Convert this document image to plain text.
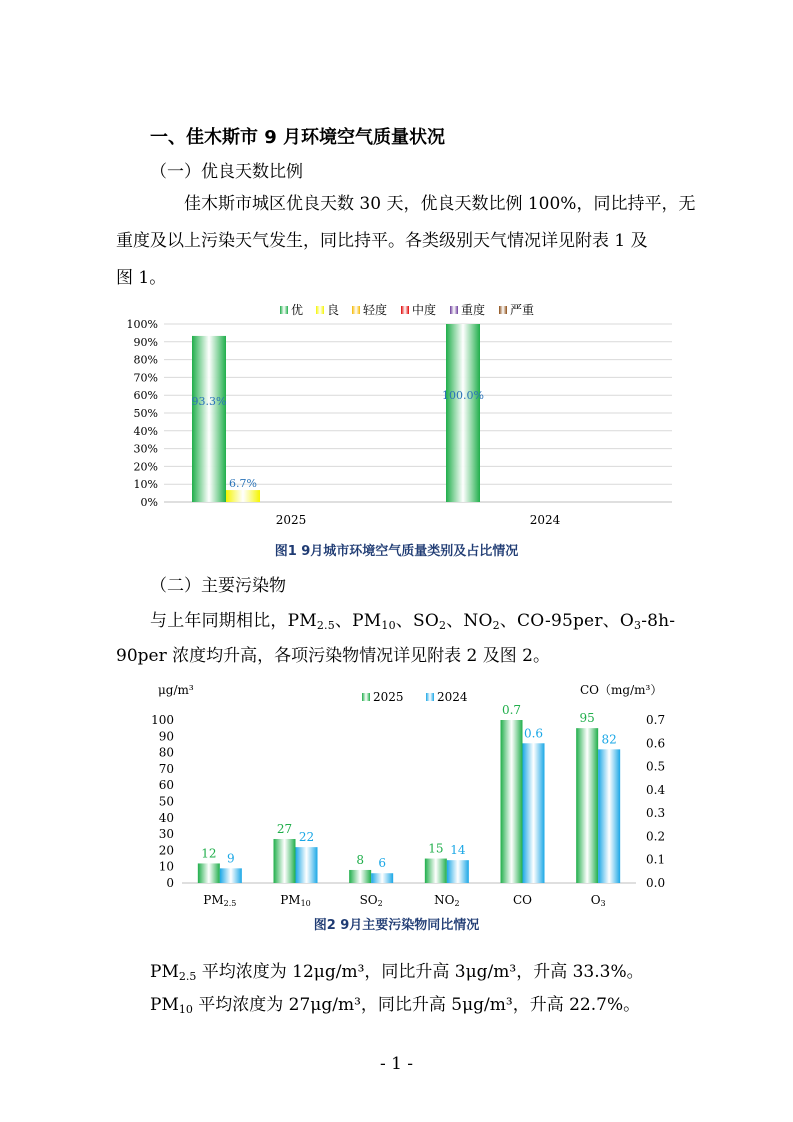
一、佳木斯市 9 月环境空气质量状况
（一）优良天数比例
佳木斯市城区优良天数 30 天，优良天数比例 100%，同比持平，无
重度及以上污染天气发生，同比持平。各类级别天气情况详见附表 1 及
图 1。
优 良 轻度 中度 重度 严重
0%
10%
20%
30%
40%
50%
60%
70%
80%
90%
100%
93.3%
6.7%
2025
100.0%
2024
图1 9月城市环境空气质量类别及占比情况
（二）主要污染物
与上年同期相比，$PM_{2.5}$、$PM_{10}$、$SO_2$、$NO_2$、CO-95per、$O_3-8h-$
90per 浓度均升高，各项污染物情况详见附表 2 及图 2。
μg/m³	CO（mg/m³）
2025	2024
0
10
20
30
40
50
60
70
80
90
100
0.0
0.1
0.2
0.3
0.4
0.5
0.6
0.7
12 9
PM2.5
27
22
PM10
8 6
SO2
15 14
NO2
0.7
0.6
CO
95
82
O3
图2 9月主要污染物同比情况
$PM_{2.5}$ 平均浓度为 12μg/m³，同比升高 3μg/m³，升高 33.3%。
$PM_{10}$ 平均浓度为 27μg/m³，同比升高 5μg/m³，升高 22.7%。
- 1 -
